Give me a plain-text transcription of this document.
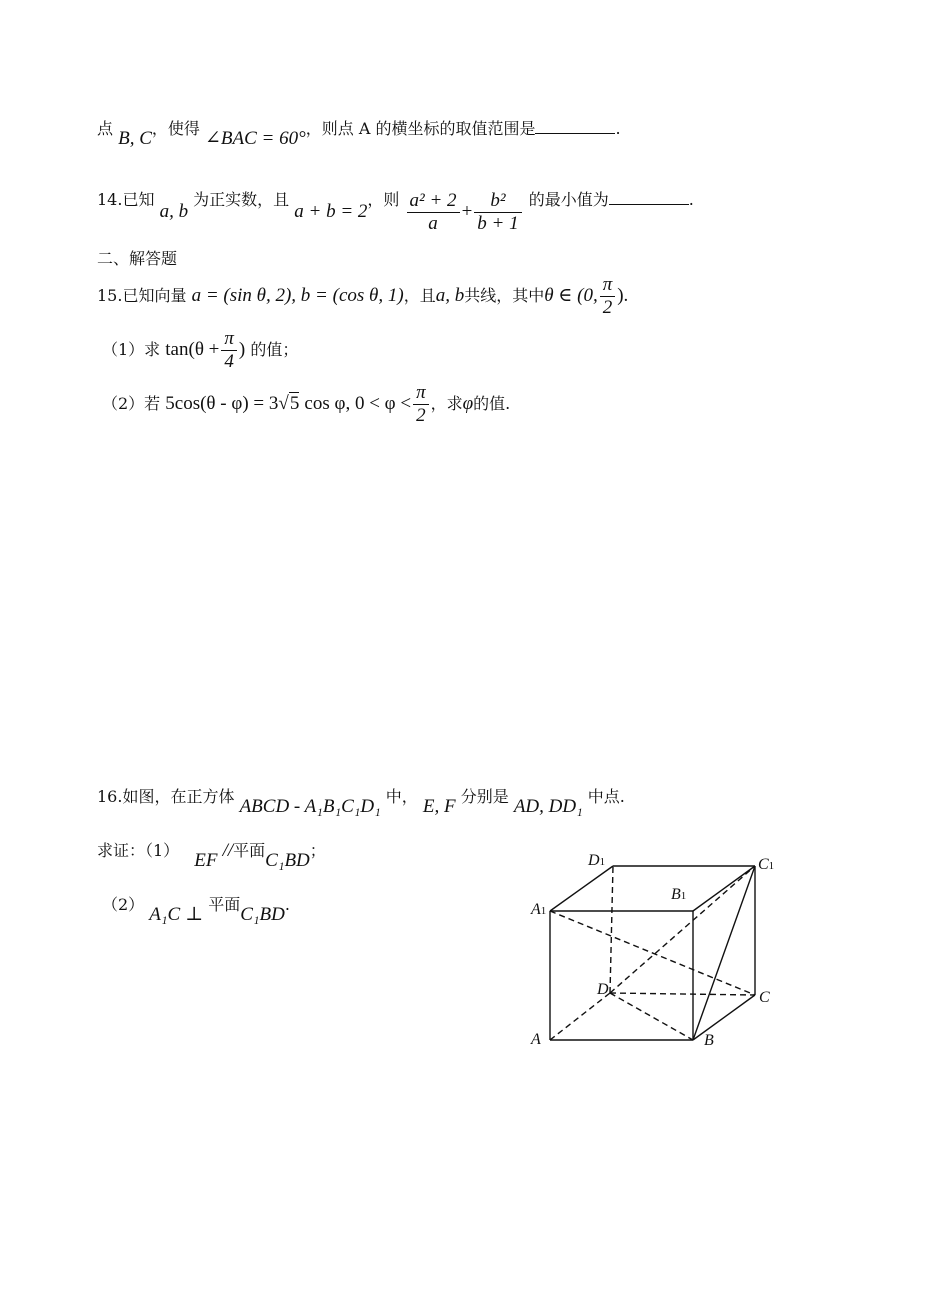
点 B, C，使得 ∠BAC = 60°，则点 A 的横坐标的取值范围是	.
14.已知 a, b 为正实数，且 a + b = 2，则 $\frac{\text{a² + 2}}{a} + \frac{\text{b²}}{b + 1}$ 的最小值为	.
二、解答题
15.已知向量 a = (sin θ, 2), b = (cos θ, 1)，且a, b共线，其中θ ∈ (0, $\frac{\pi}{2}$ ).
（1）求 $\tan(\theta + \frac{\pi}{4}$ ) 的值；
（2）若 5cos(θ - φ) = 3√5 cos φ, $0 < \varphi < \frac{\pi}{2}$ ，求φ的值.
16.如图，在正方体 ABCD - A₁B₁C₁D₁ 中， E, F 分别是 AD, DD₁ 中点.
求证：（1） EF //平面C₁BD；
（2） A₁C ⊥ 平面C₁BD.
D1	C1
B1
A1
D	C
A	B
